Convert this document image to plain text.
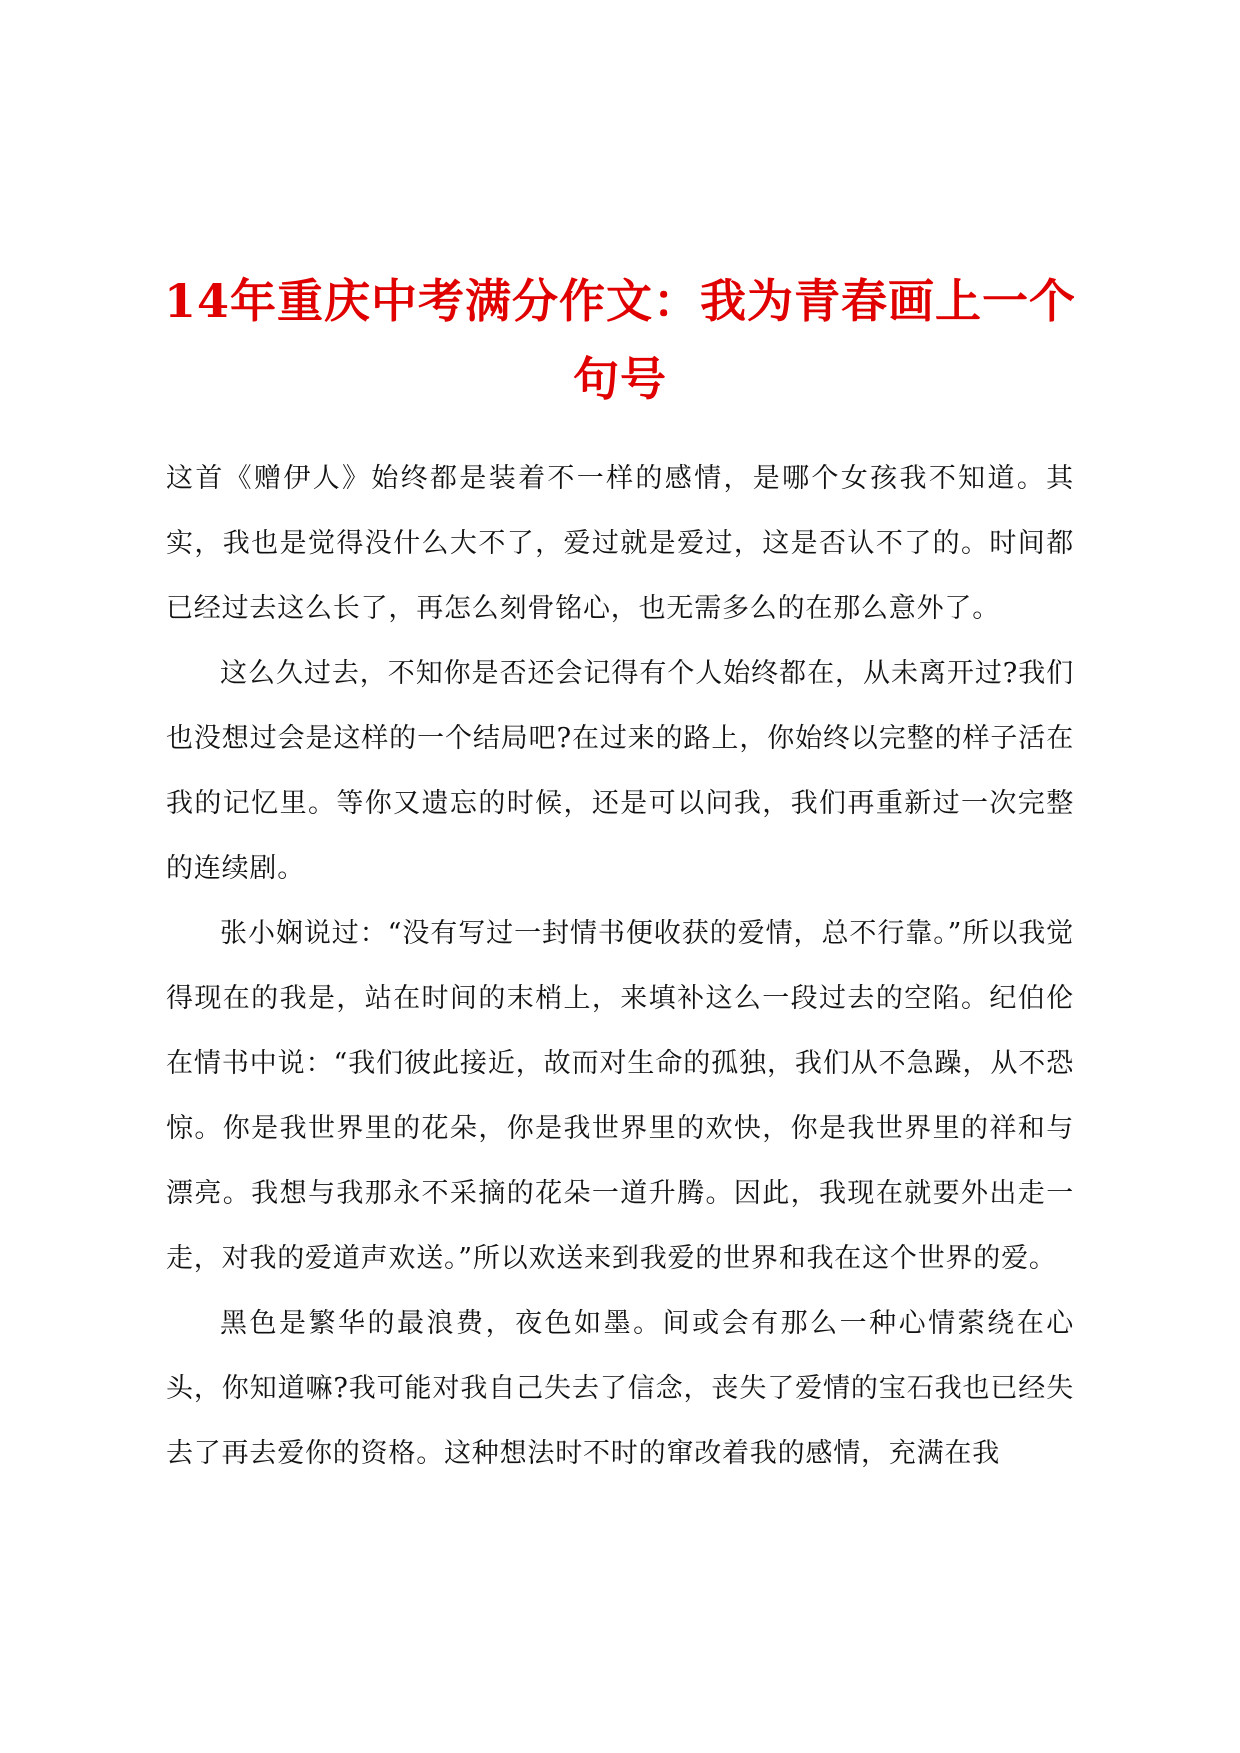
14年重庆中考满分作文：我为青春画上一个句号

这首《赠伊人》始终都是装着不一样的感情，是哪个女孩我不知道。其实，我也是觉得没什么大不了，爱过就是爱过，这是否认不了的。时间都已经过去这么长了，再怎么刻骨铭心，也无需多么的在那么意外了。

这么久过去，不知你是否还会记得有个人始终都在，从未离开过?我们也没想过会是这样的一个结局吧?在过来的路上，你始终以完整的样子活在我的记忆里。等你又遗忘的时候，还是可以问我，我们再重新过一次完整的连续剧。

张小娴说过：“没有写过一封情书便收获的爱情，总不行靠。”所以我觉得现在的我是，站在时间的末梢上，来填补这么一段过去的空陷。纪伯伦在情书中说：“我们彼此接近，故而对生命的孤独，我们从不急躁，从不恐惊。你是我世界里的花朵，你是我世界里的欢快，你是我世界里的祥和与漂亮。我想与我那永不采摘的花朵一道升腾。因此，我现在就要外出走一走，对我的爱道声欢送。”所以欢送来到我爱的世界和我在这个世界的爱。

黑色是繁华的最浪费，夜色如墨。间或会有那么一种心情萦绕在心头，你知道嘛?我可能对我自己失去了信念，丧失了爱情的宝石我也已经失去了再去爱你的资格。这种想法时不时的窜改着我的感情，充满在我
